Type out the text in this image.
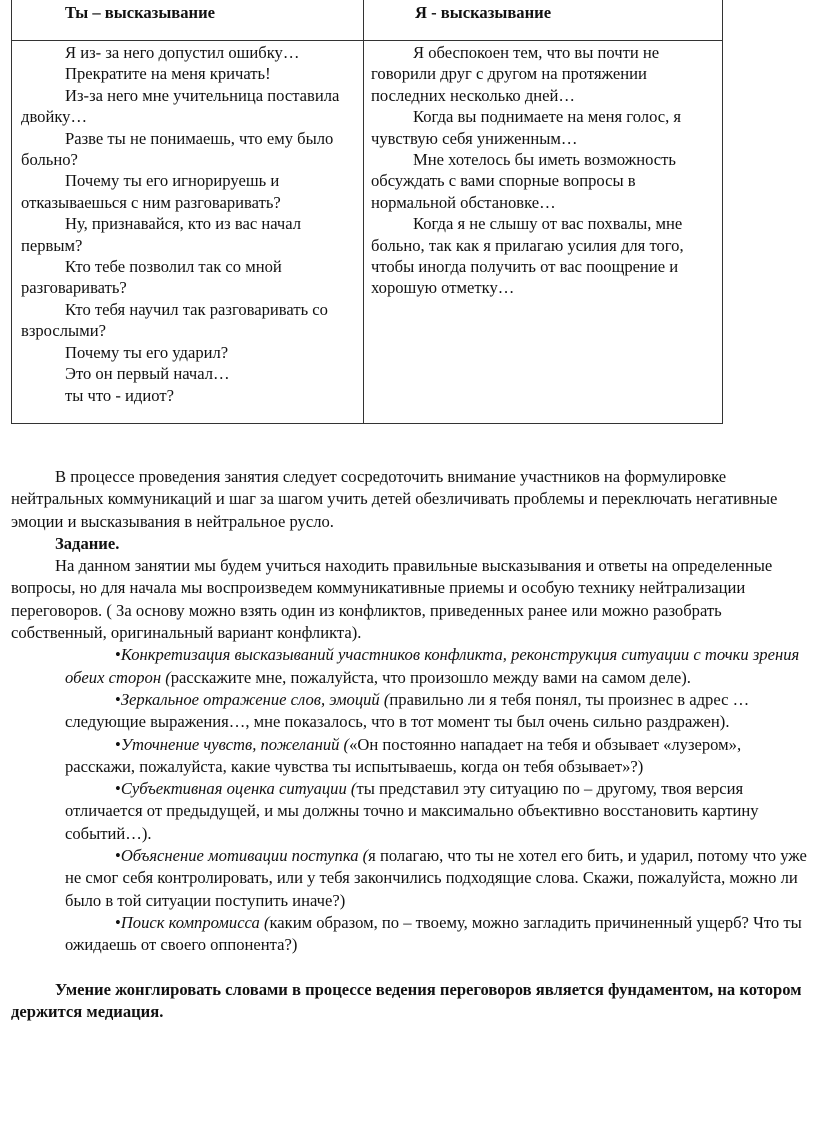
Ты – высказывание	Я - высказывание

Я из- за него допустил ошибку…

Прекратите на меня кричать!

Из-за него мне учительница поставила двойку…

Разве ты не понимаешь, что ему было больно?

Почему ты его игнорируешь и отказываешься с ним разговаривать?

Ну, признавайся, кто из вас начал первым?

Кто тебе позволил так со мной разговаривать?

Кто тебя научил так разговаривать со взрослыми?

Почему ты его ударил?

Это он первый начал…

ты что - идиот?

Я обеспокоен тем, что вы почти не говорили друг с другом на протяжении последних несколько дней…

Когда вы поднимаете на меня голос, я чувствую себя униженным…

Мне хотелось бы иметь возможность обсуждать с вами спорные вопросы в нормальной обстановке…

Когда я не слышу от вас похвалы, мне больно, так как я прилагаю усилия для того, чтобы иногда получить от вас поощрение и хорошую отметку…

В процессе проведения занятия следует сосредоточить внимание участников на формулировке нейтральных коммуникаций и шаг за шагом учить детей обезличивать проблемы и переключать негативные эмоции и высказывания в нейтральное русло.

Задание.

На данном занятии мы будем учиться находить правильные высказывания и ответы на определенные вопросы, но для начала мы воспроизведем коммуникативные приемы и особую технику нейтрализации переговоров. ( За основу можно взять один из конфликтов, приведенных ранее или можно разобрать собственный, оригинальный вариант конфликта).

•Конкретизация высказываний участников конфликта, реконструкция ситуации с точки зрения обеих сторон (расскажите мне, пожалуйста, что произошло между вами на самом деле).

•Зеркальное отражение слов, эмоций (правильно ли я тебя понял, ты произнес в адрес … следующие выражения…, мне показалось, что в тот момент ты был очень сильно раздражен).

•Уточнение чувств, пожеланий («Он постоянно нападает на тебя и обзывает «лузером», расскажи, пожалуйста, какие чувства ты испытываешь, когда он тебя обзывает»?)

•Субъективная оценка ситуации (ты представил эту ситуацию по – другому, твоя версия отличается от предыдущей, и мы должны точно и максимально объективно восстановить картину событий…).

•Объяснение мотивации поступка (я полагаю, что ты не хотел его бить, и ударил, потому что уже не смог себя контролировать, или у тебя закончились подходящие слова. Скажи, пожалуйста, можно ли было в той ситуации поступить иначе?)

•Поиск компромисса (каким образом, по – твоему, можно загладить причиненный ущерб? Что ты ожидаешь от своего оппонента?)

Умение жонглировать словами в процессе ведения переговоров является фундаментом, на котором держится медиация.
